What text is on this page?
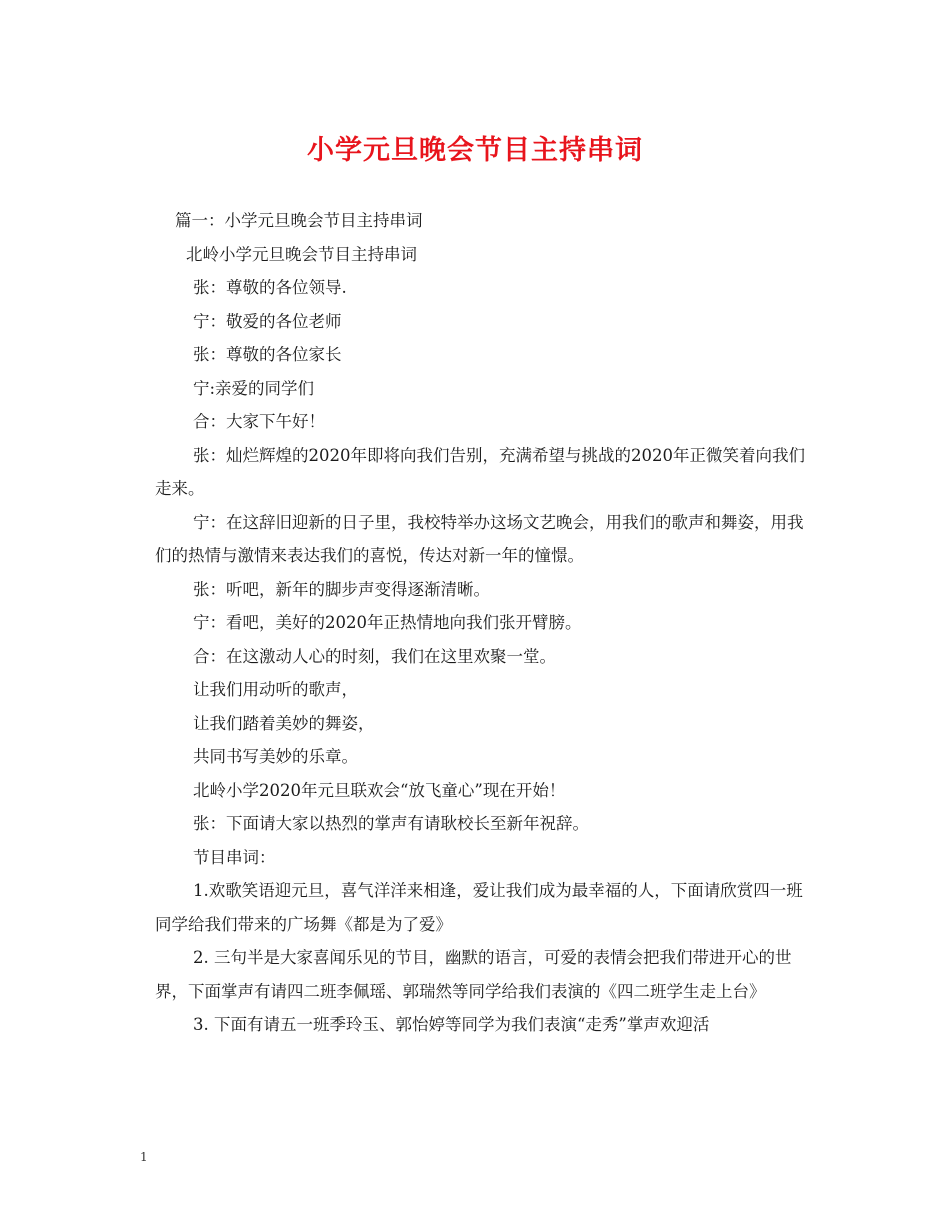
小学元旦晚会节目主持串词

篇一：小学元旦晚会节目主持串词

北岭小学元旦晚会节目主持串词

张：尊敬的各位领导.

宁：敬爱的各位老师

张：尊敬的各位家长

宁:亲爱的同学们

合：大家下午好！

张：灿烂辉煌的2020年即将向我们告别，充满希望与挑战的2020年正微笑着向我们走来。

宁：在这辞旧迎新的日子里，我校特举办这场文艺晚会，用我们的歌声和舞姿，用我们的热情与激情来表达我们的喜悦，传达对新一年的憧憬。

张：听吧，新年的脚步声变得逐渐清晰。

宁：看吧，美好的2020年正热情地向我们张开臂膀。

合：在这激动人心的时刻，我们在这里欢聚一堂。

让我们用动听的歌声，

让我们踏着美妙的舞姿，

共同书写美妙的乐章。

北岭小学2020年元旦联欢会“放飞童心”现在开始！

张：下面请大家以热烈的掌声有请耿校长至新年祝辞。

节目串词：

1.欢歌笑语迎元旦，喜气洋洋来相逢，爱让我们成为最幸福的人，下面请欣赏四一班同学给我们带来的广场舞《都是为了爱》

2. 三句半是大家喜闻乐见的节目，幽默的语言，可爱的表情会把我们带进开心的世界，下面掌声有请四二班李佩瑶、郭瑞然等同学给我们表演的《四二班学生走上台》

3. 下面有请五一班季玲玉、郭怡婷等同学为我们表演“走秀”掌声欢迎活

1
